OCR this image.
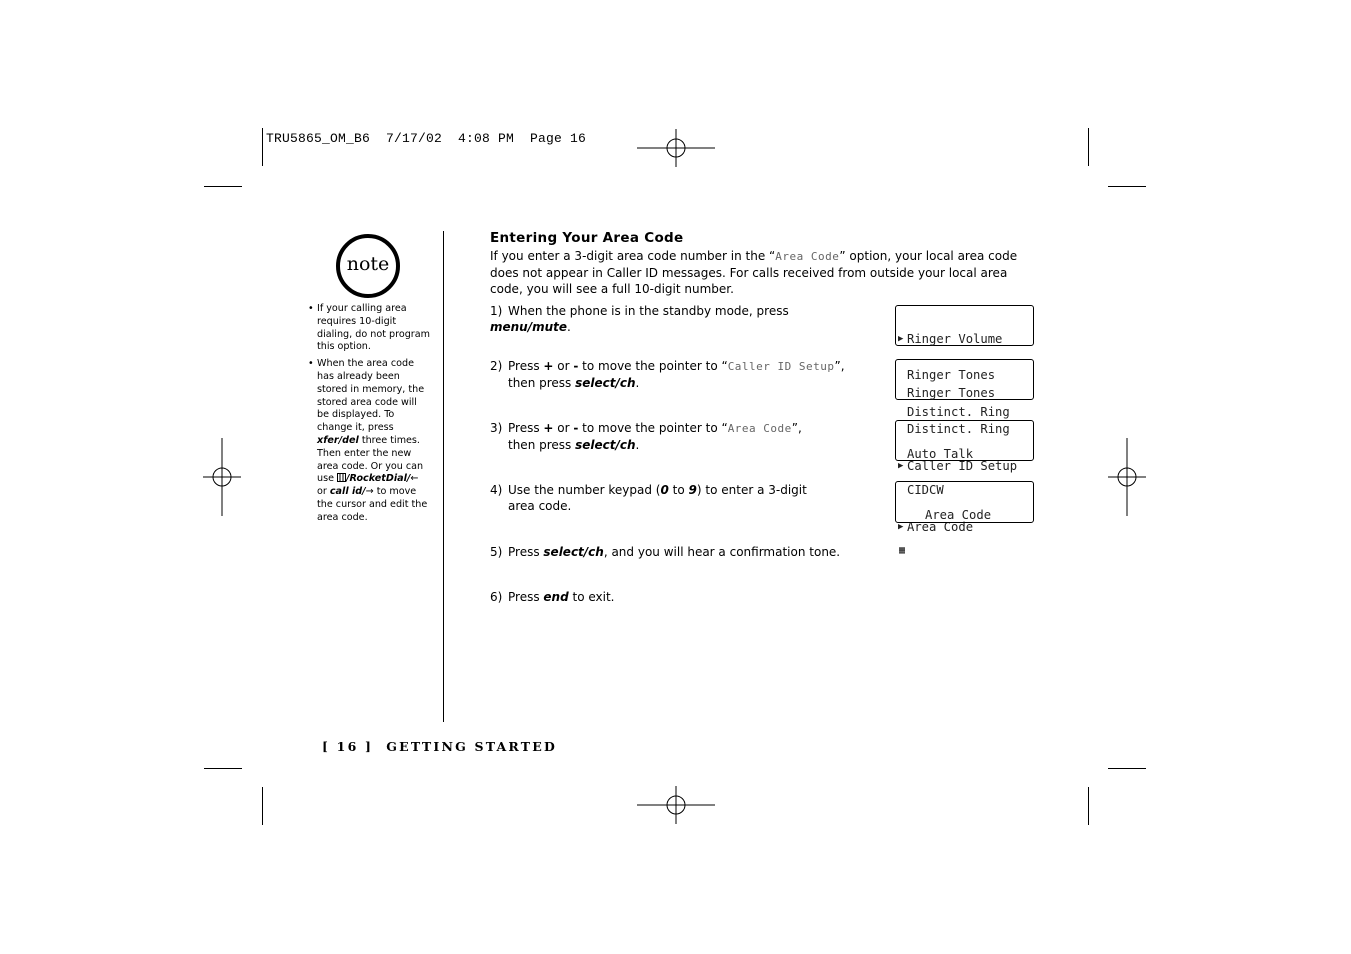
TRU5865_OM_B6  7/17/02  4:08 PM  Page 16
note
• If your calling area requires 10-digit dialing, do not program this option.
• When the area code has already been stored in memory, the stored area code will be displayed. To change it, press xfer/del three times. Then enter the new area code. Or you can use /RocketDial/← or call id/→ to move the cursor and edit the area code.
Entering Your Area Code
If you enter a 3-digit area code number in the “Area Code” option, your local area code does not appear in Caller ID messages. For calls received from outside your local area code, you will see a full 10-digit number.
1) When the phone is in the standby mode, press menu/mute.
2) Press + or - to move the pointer to “Caller ID Setup”,
then press select/ch.
3) Press + or - to move the pointer to “Area Code”,
then press select/ch.
4) Use the number keypad (0 to 9) to enter a 3-digit
area code.
5) Press select/ch, and you will hear a confirmation tone.
6) Press end to exit.

▶ Ringer Volume

Ringer Tones

Distinct. Ring

Ringer Tones

Distinct. Ring

▶ Caller ID Setup

Auto Talk

CIDCW

▶ Area Code

Area Code

▦

[ 16 ]  GETTING STARTED
